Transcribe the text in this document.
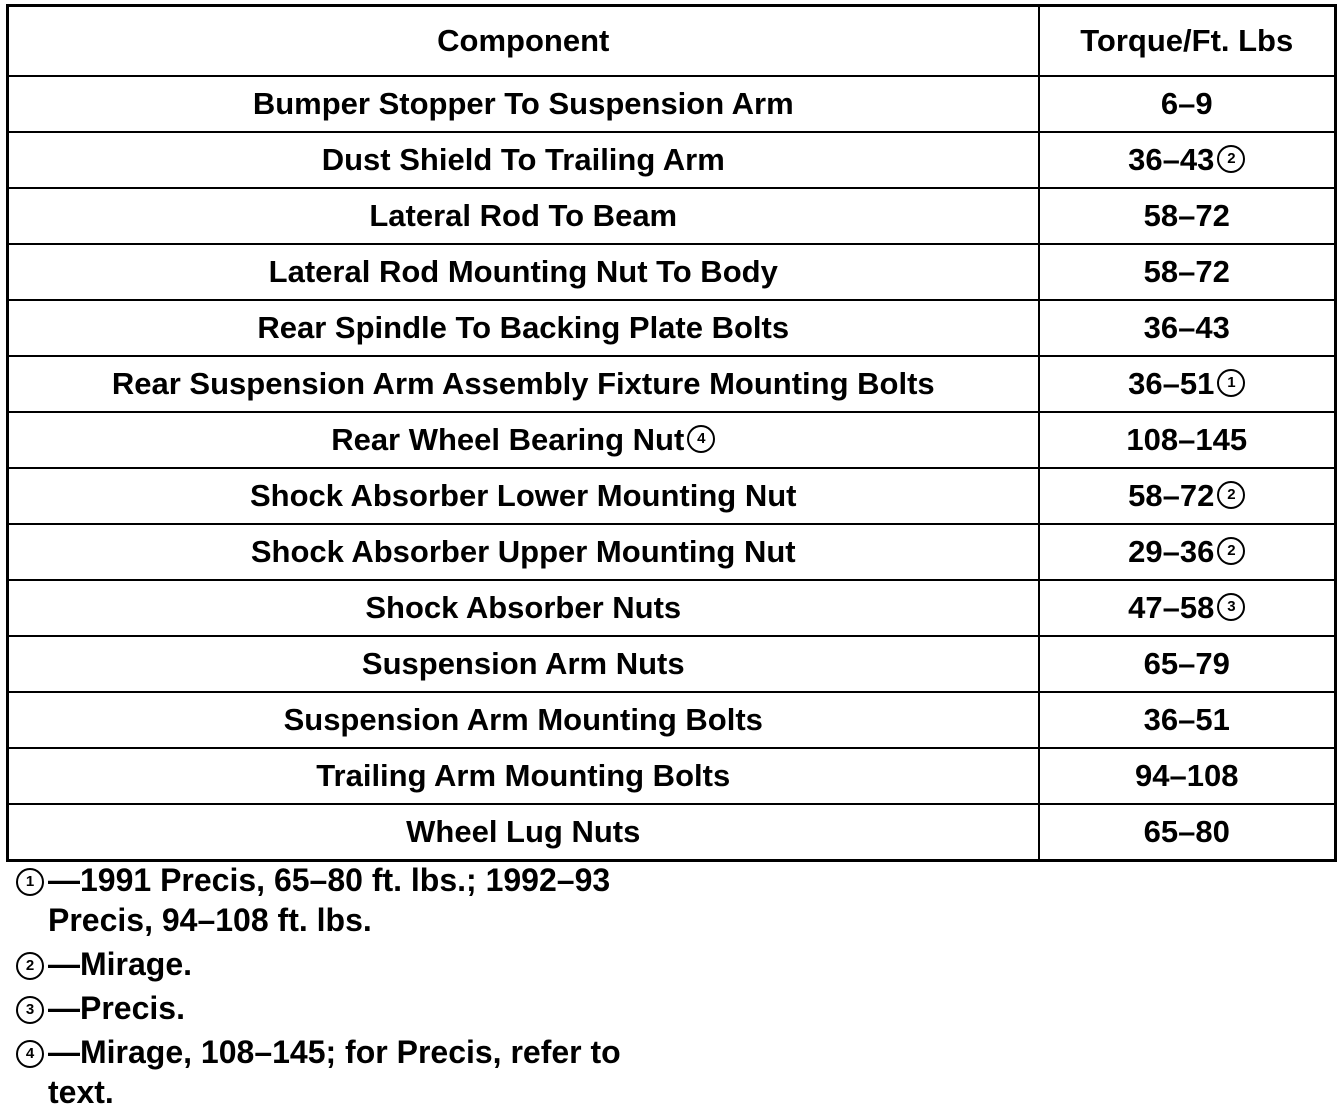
Component	Torque/Ft. Lbs
Bumper Stopper To Suspension Arm	6–9
Dust Shield To Trailing Arm	36–43 2
Lateral Rod To Beam	58–72
Lateral Rod Mounting Nut To Body	58–72
Rear Spindle To Backing Plate Bolts	36–43
Rear Suspension Arm Assembly Fixture Mounting Bolts	36–51 1
Rear Wheel Bearing Nut 4	108–145
Shock Absorber Lower Mounting Nut	58–72 2
Shock Absorber Upper Mounting Nut	29–36 2
Shock Absorber Nuts	47–58 3
Suspension Arm Nuts	65–79
Suspension Arm Mounting Bolts	36–51
Trailing Arm Mounting Bolts	94–108
Wheel Lug Nuts	65–80
1 —1991 Precis, 65–80 ft. lbs.; 1992–93
Precis, 94–108 ft. lbs.
2 —Mirage.
3 —Precis.
4 —Mirage, 108–145; for Precis, refer to
text.
